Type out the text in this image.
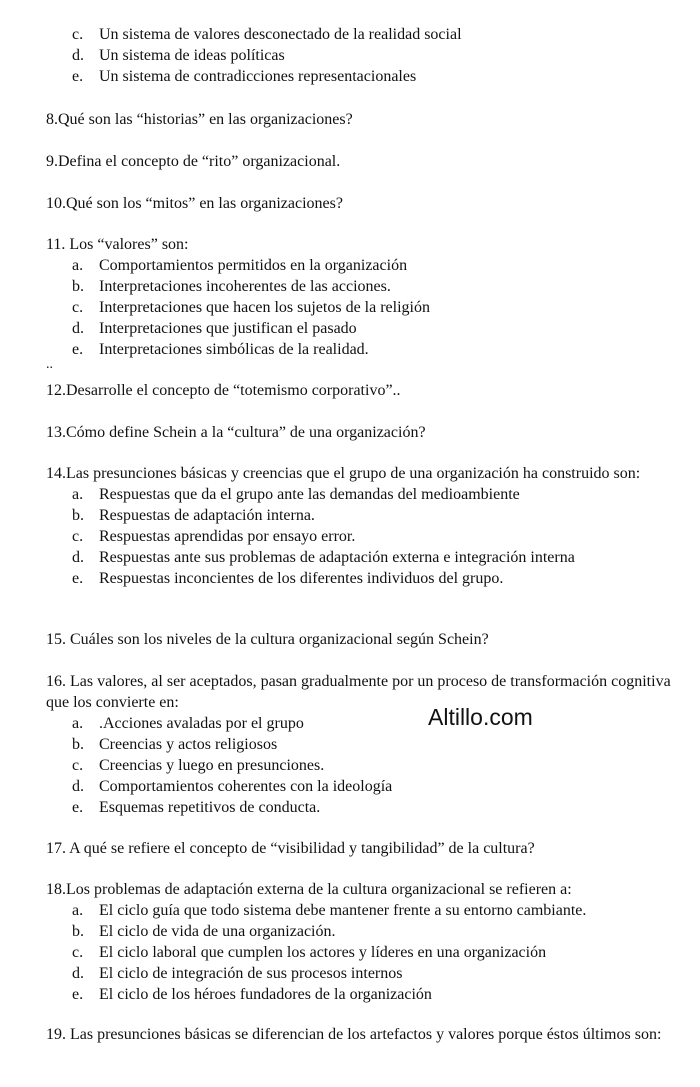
c. Un sistema de valores desconectado de la realidad social
d. Un sistema de ideas políticas
e. Un sistema de contradicciones representacionales
8.Qué son las “historias” en las organizaciones?
9.Defina el concepto de “rito” organizacional.
10.Qué son los “mitos” en las organizaciones?
11. Los “valores” son:
a. Comportamientos permitidos en la organización
b. Interpretaciones incoherentes de las acciones.
c. Interpretaciones que hacen los sujetos de la religión
d. Interpretaciones que justifican el pasado
e. Interpretaciones simbólicas de la realidad.
..
12.Desarrolle el concepto de “totemismo corporativo”..
13.Cómo define Schein a la “cultura” de una organización?
14.Las presunciones básicas y creencias que el grupo de una organización ha construido son:
a. Respuestas que da el grupo ante las demandas del medioambiente
b. Respuestas de adaptación interna.
c. Respuestas aprendidas por ensayo error.
d. Respuestas ante sus problemas de adaptación externa e integración interna
e. Respuestas inconcientes de los diferentes individuos del grupo.
15. Cuáles son los niveles de la cultura organizacional según Schein?
16. Las valores, al ser aceptados, pasan gradualmente por un proceso de transformación cognitiva que los convierte en:
a. .Acciones avaladas por el grupo
b. Creencias y actos religiosos
c. Creencias y luego en presunciones.
d. Comportamientos coherentes con la ideología
e. Esquemas repetitivos de conducta.
Altillo.com
17. A qué se refiere el concepto de “visibilidad y tangibilidad” de la cultura?
18.Los problemas de adaptación externa de la cultura organizacional se refieren a:
a. El ciclo guía que todo sistema debe mantener frente a su entorno cambiante.
b. El ciclo de vida de una organización.
c. El ciclo laboral que cumplen los actores y líderes en una organización
d. El ciclo de integración de sus procesos internos
e. El ciclo de los héroes fundadores de la organización
19. Las presunciones básicas se diferencian de los artefactos y valores porque éstos últimos son:
